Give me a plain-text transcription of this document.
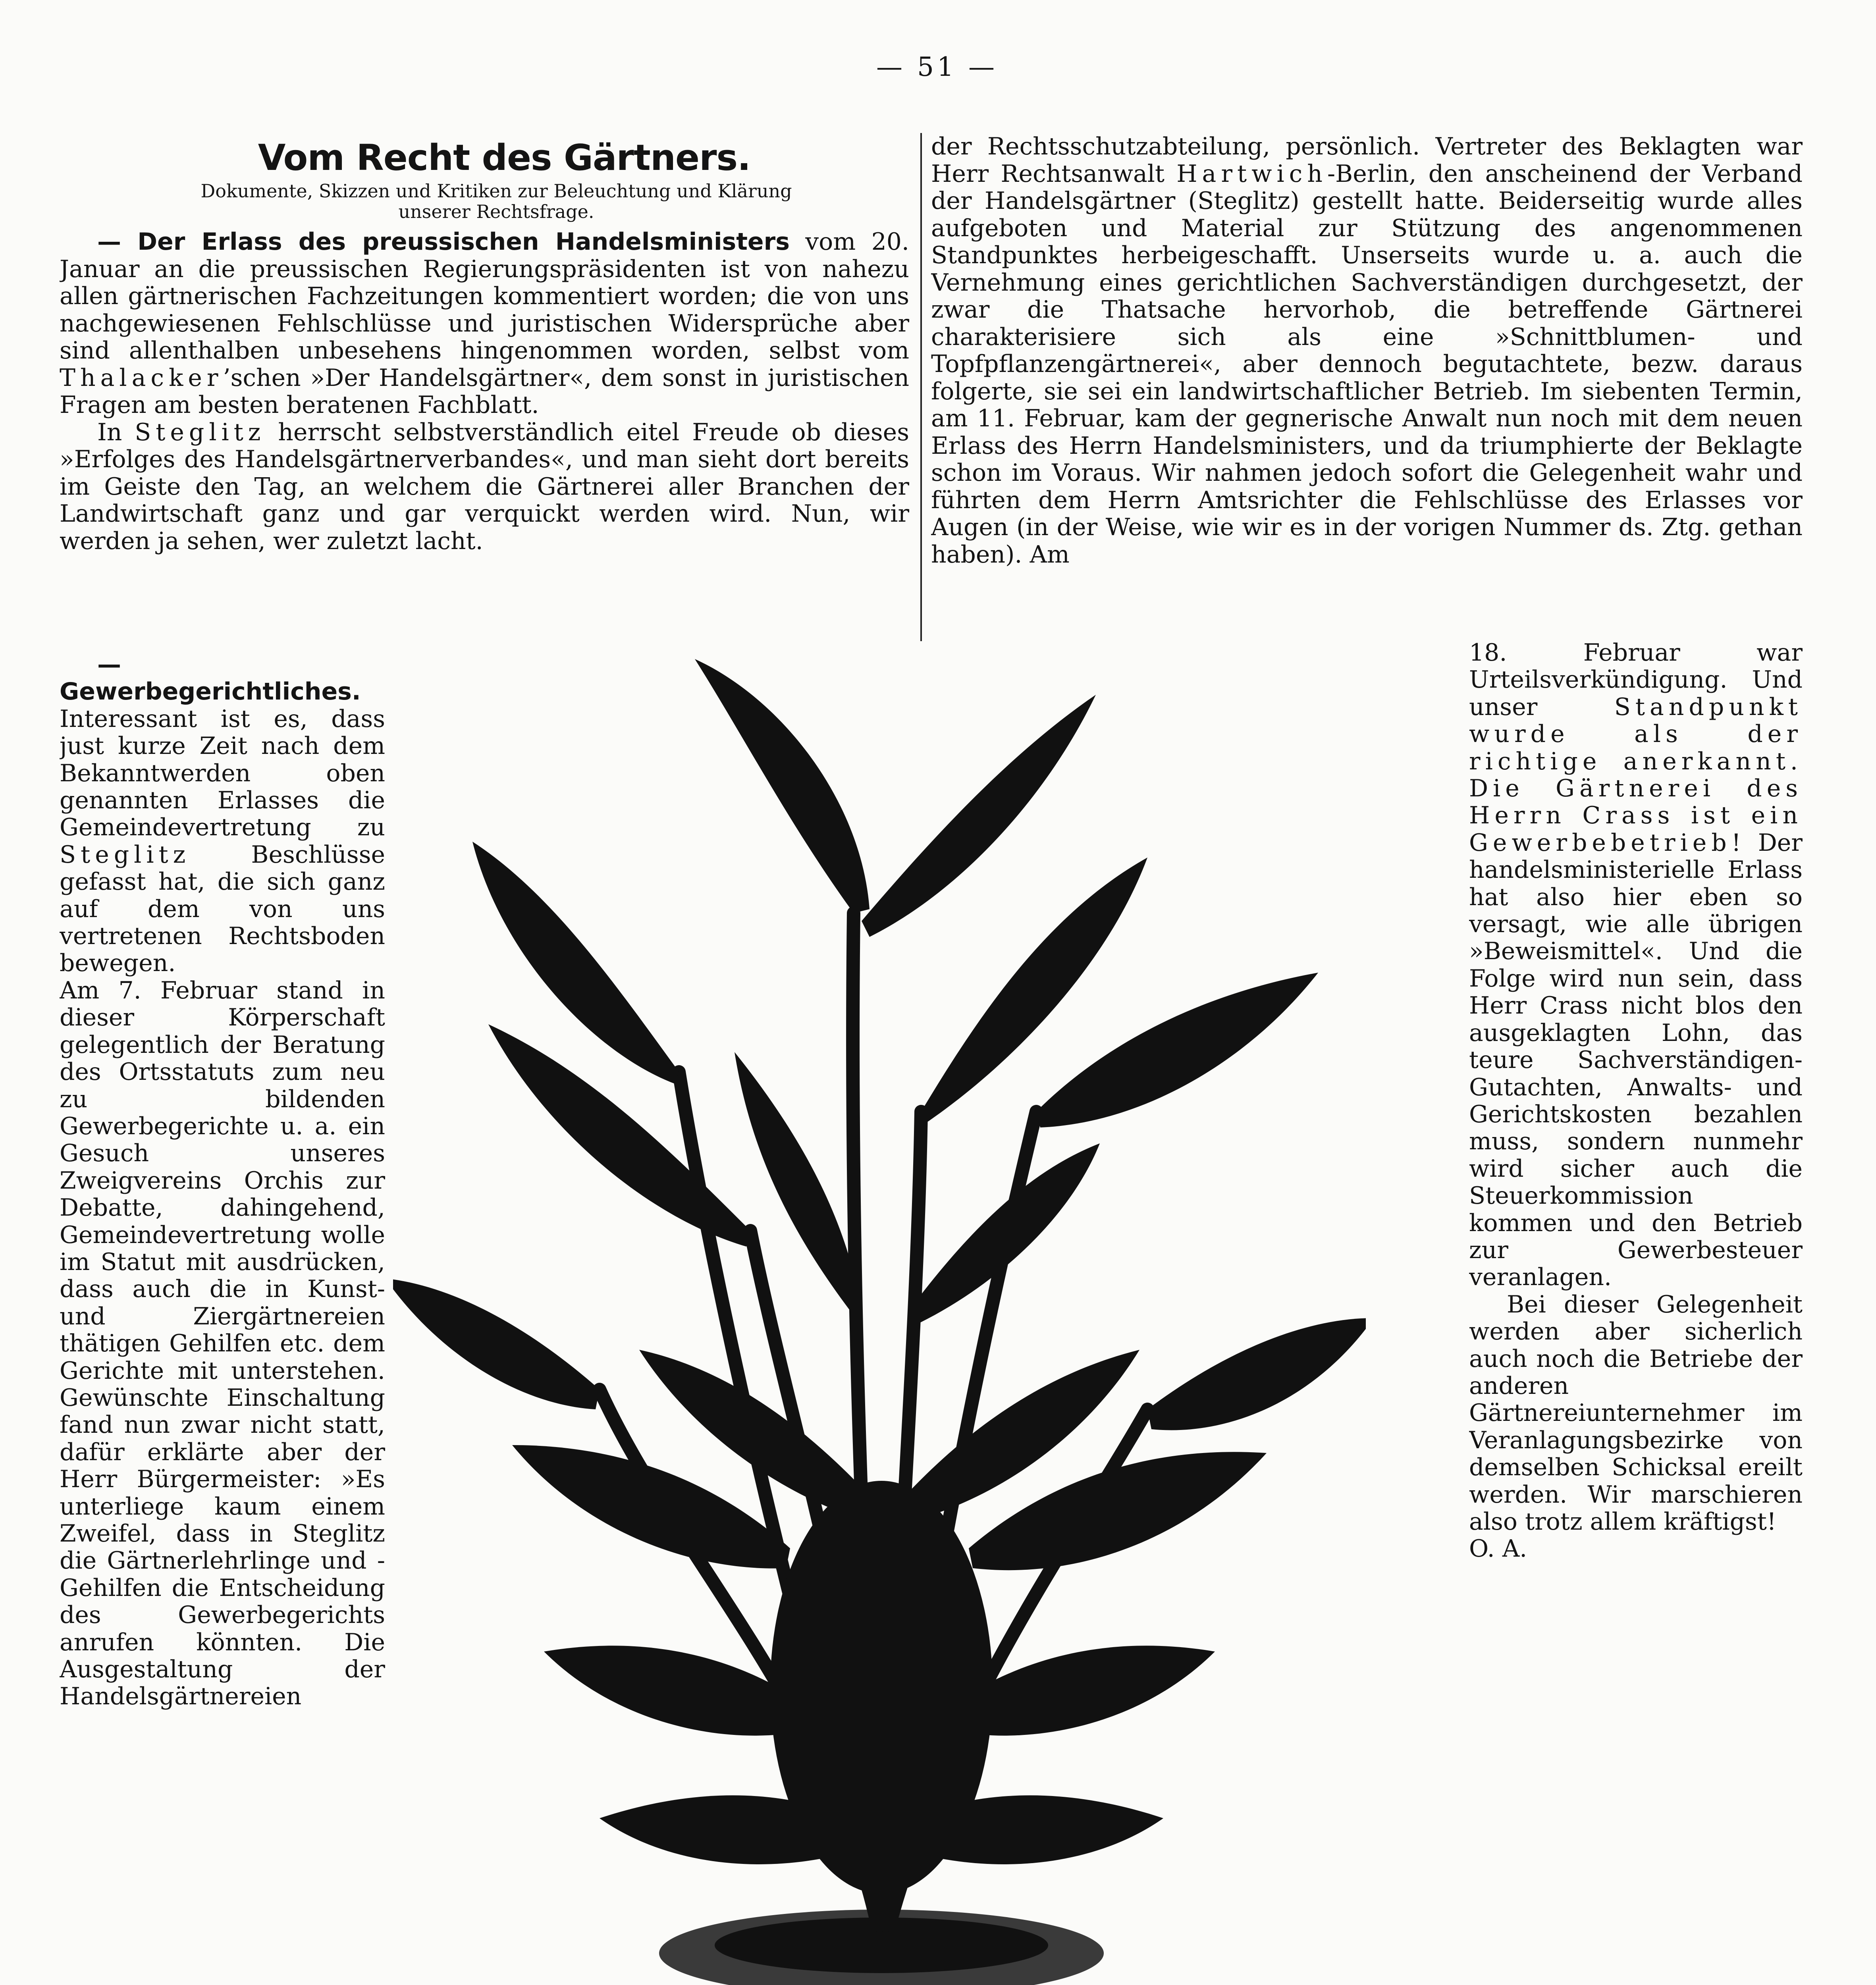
— 51 —
Vom Recht des Gärtners.
Dokumente, Skizzen und Kritiken zur Beleuchtung und Klärung
unserer Rechtsfrage.

— Der Erlass des preussischen Handelsministers vom 20. Januar an die preussischen Regierungspräsidenten ist von nahezu allen gärtnerischen Fachzeitungen kommentiert worden; die von uns nachgewiesenen Fehlschlüsse und juristischen Widersprüche aber sind allenthalben unbesehens hingenommen worden, selbst vom Thalacker’schen »Der Handelsgärtner«, dem sonst in juristischen Fragen am besten beratenen Fachblatt.

In Steglitz herrscht selbstverständlich eitel Freude ob dieses »Erfolges des Handelsgärtnerverbandes«, und man sieht dort bereits im Geiste den Tag, an welchem die Gärtnerei aller Branchen der Landwirtschaft ganz und gar verquickt werden wird. Nun, wir werden ja sehen, wer zuletzt lacht.

— Gewerbegerichtliches. Interessant ist es, dass just kurze Zeit nach dem Bekanntwerden oben genannten Erlasses die Gemeindevertretung zu Steglitz Beschlüsse gefasst hat, die sich ganz auf dem von uns vertretenen Rechtsboden bewegen.

Am 7. Februar stand in dieser Körperschaft gelegentlich der Beratung des Ortsstatuts zum neu zu bildenden Gewerbegerichte u. a. ein Gesuch unseres Zweigvereins Orchis zur Debatte, dahingehend, Gemeindevertretung wolle im Statut mit ausdrücken, dass auch die in Kunst- und Ziergärtnereien thätigen Gehilfen etc. dem Gerichte mit unterstehen. Gewünschte Einschaltung fand nun zwar nicht statt, dafür erklärte aber der Herr Bürgermeister: »Es unterliege kaum einem Zweifel, dass in Steglitz die Gärtnerlehrlinge und -Gehilfen die Entscheidung des Gewerbegerichts anrufen könnten. Die Ausgestaltung der Handelsgärtnereien

der Rechtsschutzabteilung, persönlich. Vertreter des Beklagten war Herr Rechtsanwalt Hartwich-Berlin, den anscheinend der Verband der Handelsgärtner (Steglitz) gestellt hatte. Beiderseitig wurde alles aufgeboten und Material zur Stützung des angenommenen Standpunktes herbeigeschafft. Unserseits wurde u. a. auch die Vernehmung eines gerichtlichen Sachverständigen durchgesetzt, der zwar die Thatsache hervorhob, die betreffende Gärtnerei charakterisiere sich als eine »Schnittblumen- und Topfpflanzengärtnerei«, aber dennoch begutachtete, bezw. daraus folgerte, sie sei ein landwirtschaftlicher Betrieb. Im siebenten Termin, am 11. Februar, kam der gegnerische Anwalt nun noch mit dem neuen Erlass des Herrn Handelsministers, und da triumphierte der Beklagte schon im Voraus. Wir nahmen jedoch sofort die Gelegenheit wahr und führten dem Herrn Amtsrichter die Fehlschlüsse des Erlasses vor Augen (in der Weise, wie wir es in der vorigen Nummer ds. Ztg. gethan haben). Am

18. Februar war Urteilsverkündigung. Und unser Standpunkt wurde als der richtige anerkannt. Die Gärtnerei des Herrn Crass ist ein Gewerbebetrieb! Der handelsministerielle Erlass hat also hier eben so versagt, wie alle übrigen »Beweismittel«. Und die Folge wird nun sein, dass Herr Crass nicht blos den ausgeklagten Lohn, das teure Sachverständigen-Gutachten, Anwalts- und Gerichtskosten bezahlen muss, sondern nunmehr wird sicher auch die Steuerkommission kommen und den Betrieb zur Gewerbesteuer veranlagen.

Bei dieser Gelegenheit werden aber sicherlich auch noch die Betriebe der anderen Gärtnereiunternehmer im Veranlagungsbezirke von demselben Schicksal ereilt werden. Wir marschieren also trotz allem kräftigst!

O. A.
